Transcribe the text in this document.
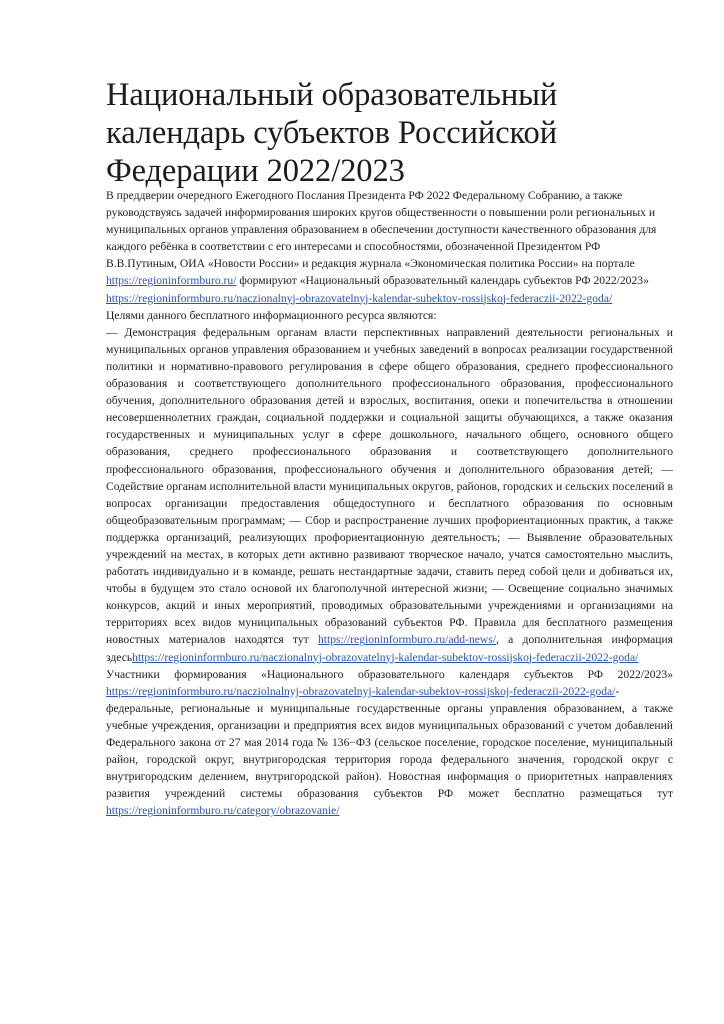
Национальный образовательный календарь субъектов Российской Федерации 2022/2023

В преддверии очередного Ежегодного Послания Президента РФ 2022 Федеральному Собранию, а также руководствуясь задачей информирования широких кругов общественности о повышении роли региональных и муниципальных органов управления образованием в обеспечении доступности качественного образования для каждого ребёнка в соответствии с его интересами и способностями, обозначенной Президентом РФ В.В.Путиным, ОИА «Новости России» и редакция журнала «Экономическая политика России» на портале https://regioninformburo.ru/ формируют «Национальный образовательный календарь субъектов РФ 2022/2023» https://regioninformburo.ru/naczionalnyj-obrazovatelnyj-kalendar-subektov-rossijskoj-federaczii-2022-goda/

Целями данного бесплатного информационного ресурса являются:

— Демонстрация федеральным органам власти перспективных направлений деятельности региональных и муниципальных органов управления образованием и учебных заведений в вопросах реализации государственной политики и нормативно-правового регулирования в сфере общего образования, среднего профессионального образования и соответствующего дополнительного профессионального образования, профессионального обучения, дополнительного образования детей и взрослых, воспитания, опеки и попечительства в отношении несовершеннолетних граждан, социальной поддержки и социальной защиты обучающихся, а также оказания государственных и муниципальных услуг в сфере дошкольного, начального общего, основного общего образования, среднего профессионального образования и соответствующего дополнительного профессионального образования, профессионального обучения и дополнительного образования детей; — Содействие органам исполнительной власти муниципальных округов, районов, городских и сельских поселений в вопросах организации предоставления общедоступного и бесплатного образования по основным общеобразовательным программам; — Сбор и распространение лучших профориентационных практик, а также поддержка организаций, реализующих профориентационную деятельность; — Выявление образовательных учреждений на местах, в которых дети активно развивают творческое начало, учатся самостоятельно мыслить, работать индивидуально и в команде, решать нестандартные задачи, ставить перед собой цели и добиваться их, чтобы в будущем это стало основой их благополучной интересной жизни; — Освещение социально значимых конкурсов, акций и иных мероприятий, проводимых образовательными учреждениями и организациями на территориях всех видов муниципальных образований субъектов РФ. Правила для бесплатного размещения новостных материалов находятся тут https://regioninformburo.ru/add-news/, а дополнительная информация здесьhttps://regioninformburo.ru/naczionalnyj-obrazovatelnyj-kalendar-subektov-rossijskoj-federaczii-2022-goda/

Участники формирования «Национального образовательного календаря субъектов РФ 2022/2023» https://regioninformburo.ru/nacziolnalnyj-obrazovatelnyj-kalendar-subektov-rossijskoj-federaczii-2022-goda/- федеральные, региональные и муниципальные государственные органы управления образованием, а также учебные учреждения, организации и предприятия всех видов муниципальных образований с учетом добавлений Федерального закона от 27 мая 2014 года № 136−ФЗ (сельское поселение, городское поселение, муниципальный район, городской округ, внутригородская территория города федерального значения, городской округ с внутригородским делением, внутригородской район). Новостная информация о приоритетных направлениях развития учреждений системы образования субъектов РФ может бесплатно размещаться тут https://regioninformburo.ru/category/obrazovanie/
